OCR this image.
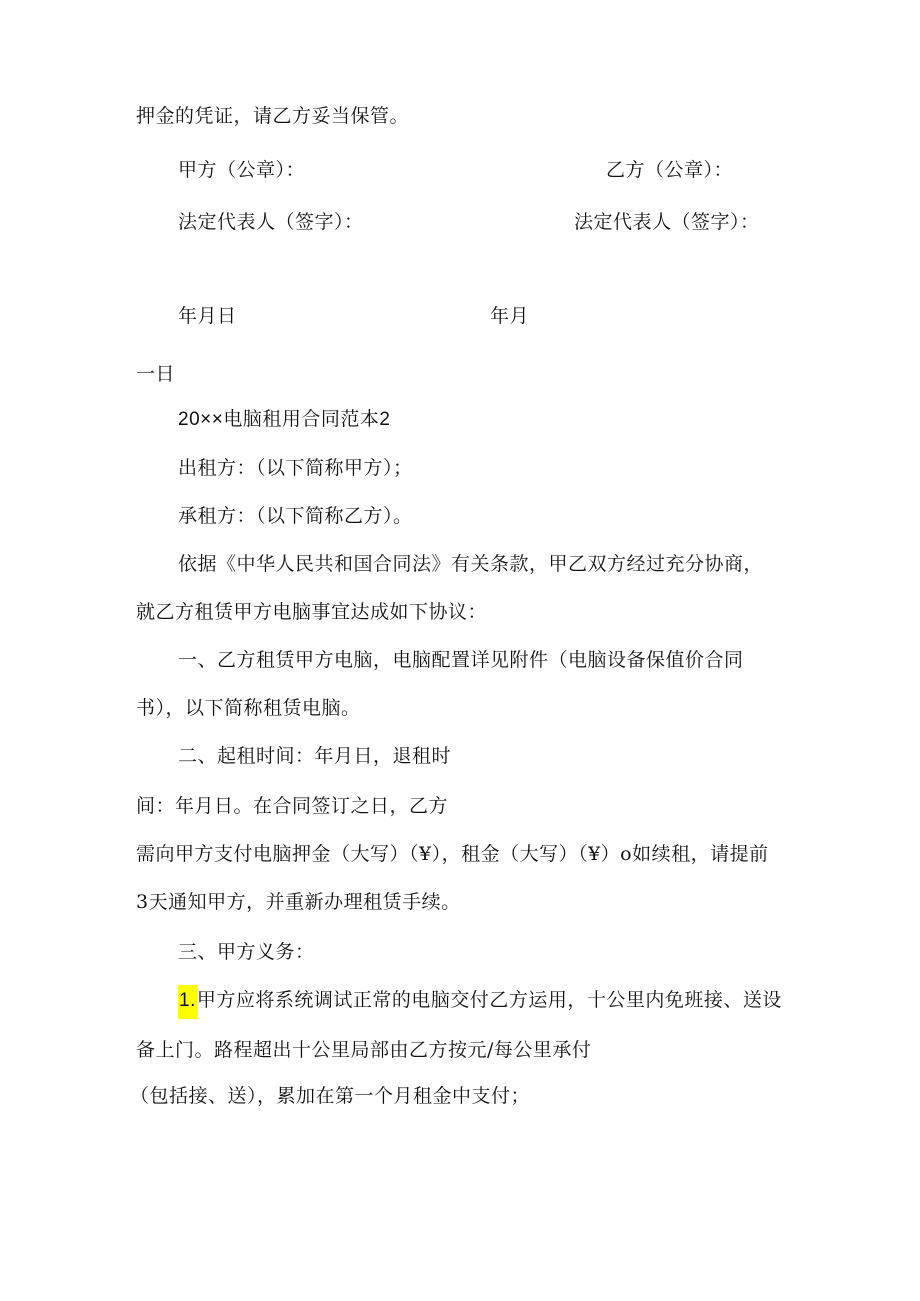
押金的凭证，请乙方妥当保管。
甲方（公章）：	乙方（公章）：
法定代表人（签字）：	法定代表人（签字）：
年月日	年月
一日
20××电脑租用合同范本2
出租方：（以下简称甲方）；
承租方：（以下简称乙方）。
依据《中华人民共和国合同法》有关条款，甲乙双方经过充分协商，
就乙方租赁甲方电脑事宜达成如下协议：
一、乙方租赁甲方电脑，电脑配置详见附件（电脑设备保值价合同
书），以下简称租赁电脑。
二、起租时间：年月日，退租时
间：年月日。在合同签订之日，乙方
需向甲方支付电脑押金（大写）（¥），租金（大写）（¥）o如续租，请提前
3天通知甲方，并重新办理租赁手续。
三、甲方义务：
1.甲方应将系统调试正常的电脑交付乙方运用，十公里内免班接、送设
备上门。路程超出十公里局部由乙方按元/每公里承付
（包括接、送），累加在第一个月租金中支付；
